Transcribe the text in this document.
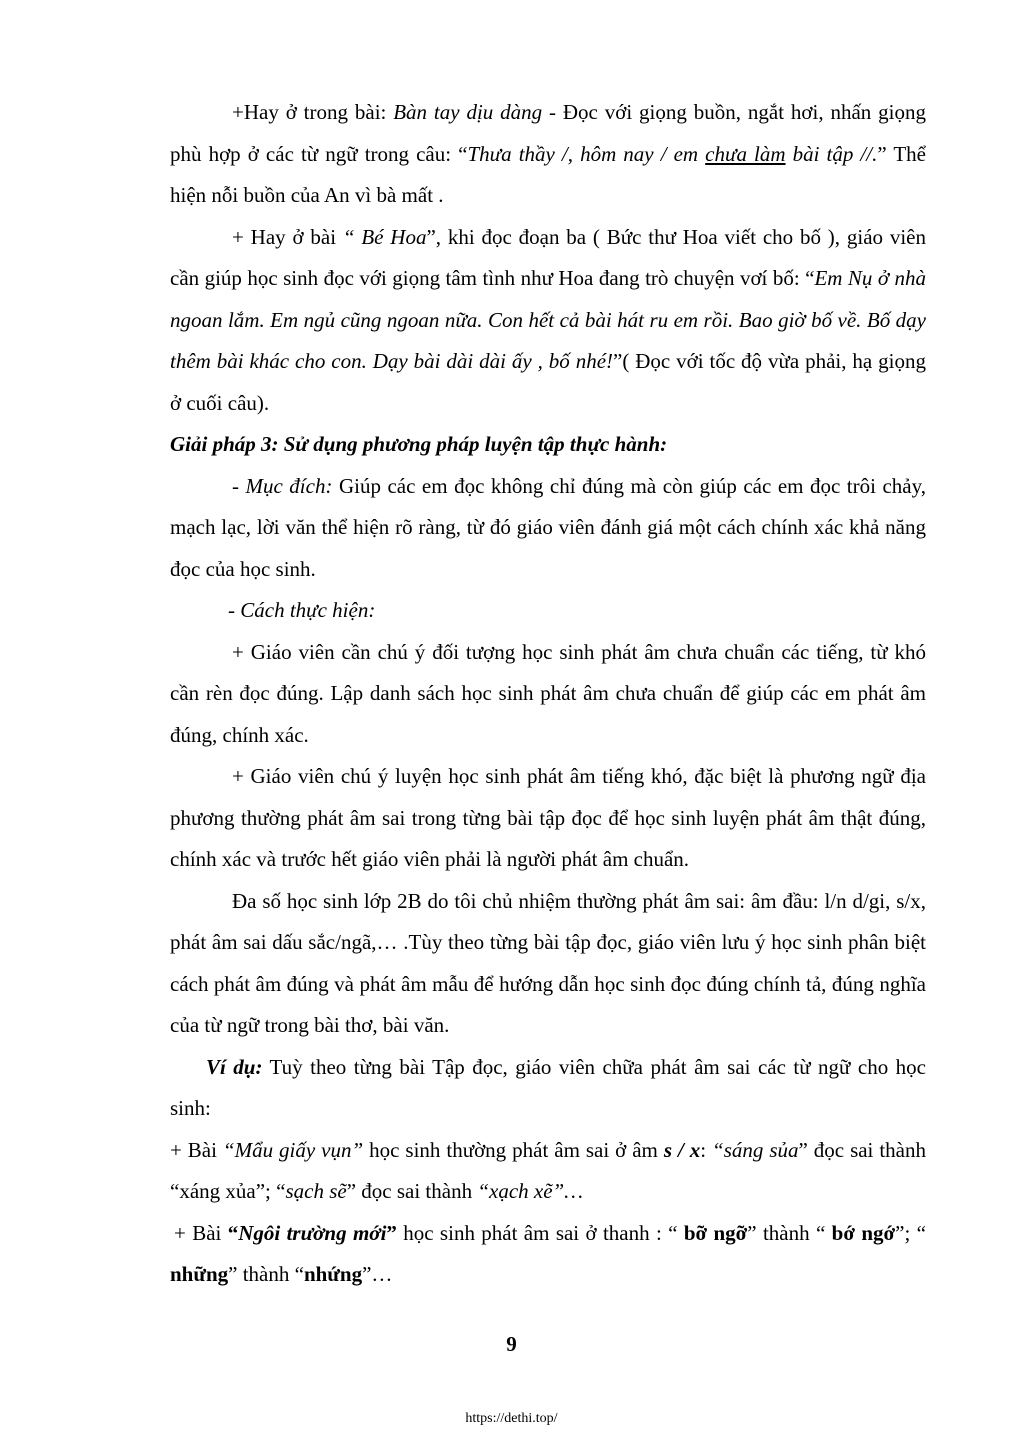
+Hay ở trong bài: Bàn tay dịu dàng - Đọc với giọng buồn, ngắt hơi, nhấn giọng phù hợp ở các từ ngữ trong câu: “Thưa thầy /, hôm nay / em chưa làm bài tập //.” Thể hiện nỗi buồn của An vì bà mất .

+ Hay ở bài “ Bé Hoa”, khi đọc đoạn ba ( Bức thư Hoa viết cho bố ), giáo viên cần giúp học sinh đọc với giọng tâm tình như Hoa đang trò chuyện vơí bố: “Em Nụ ở nhà ngoan lắm. Em ngủ cũng ngoan nữa. Con hết cả bài hát ru em rồi. Bao giờ bố về. Bố dạy thêm bài khác cho con. Dạy bài dài dài ấy , bố nhé!”( Đọc với tốc độ vừa phải, hạ giọng ở cuối câu).

Giải pháp 3: Sử dụng phương pháp luyện tập thực hành:

- Mục đích: Giúp các em đọc không chỉ đúng mà còn giúp các em đọc trôi chảy, mạch lạc, lời văn thể hiện rõ ràng, từ đó giáo viên đánh giá một cách chính xác khả năng đọc của học sinh.

- Cách thực hiện:

+ Giáo viên cần chú ý đối tượng học sinh phát âm chưa chuẩn các tiếng, từ khó cần rèn đọc đúng. Lập danh sách học sinh phát âm chưa chuẩn để giúp các em phát âm đúng, chính xác.

+ Giáo viên chú ý luyện học sinh phát âm tiếng khó, đặc biệt là phương ngữ địa phương thường phát âm sai trong từng bài tập đọc để học sinh luyện phát âm thật đúng, chính xác và trước hết giáo viên phải là người phát âm chuẩn.

Đa số học sinh lớp 2B do tôi chủ nhiệm thường phát âm sai: âm đầu: l/n d/gi, s/x, phát âm sai dấu sắc/ngã,… .Tùy theo từng bài tập đọc, giáo viên lưu ý học sinh phân biệt cách phát âm đúng và phát âm mẫu để hướng dẫn học sinh đọc đúng chính tả, đúng nghĩa của từ ngữ trong bài thơ, bài văn.

Ví dụ: Tuỳ theo từng bài Tập đọc, giáo viên chữa phát âm sai các từ ngữ cho học sinh:

+ Bài “Mẩu giấy vụn” học sinh thường phát âm sai ở âm s / x: “sáng sủa” đọc sai thành “xáng xủa”; “sạch sẽ” đọc sai thành “xạch xẽ”…

+ Bài “Ngôi trường mới” học sinh phát âm sai ở thanh : “ bỡ ngỡ” thành “ bớ ngớ”; “ những” thành “nhứng”…

9
https://dethi.top/
